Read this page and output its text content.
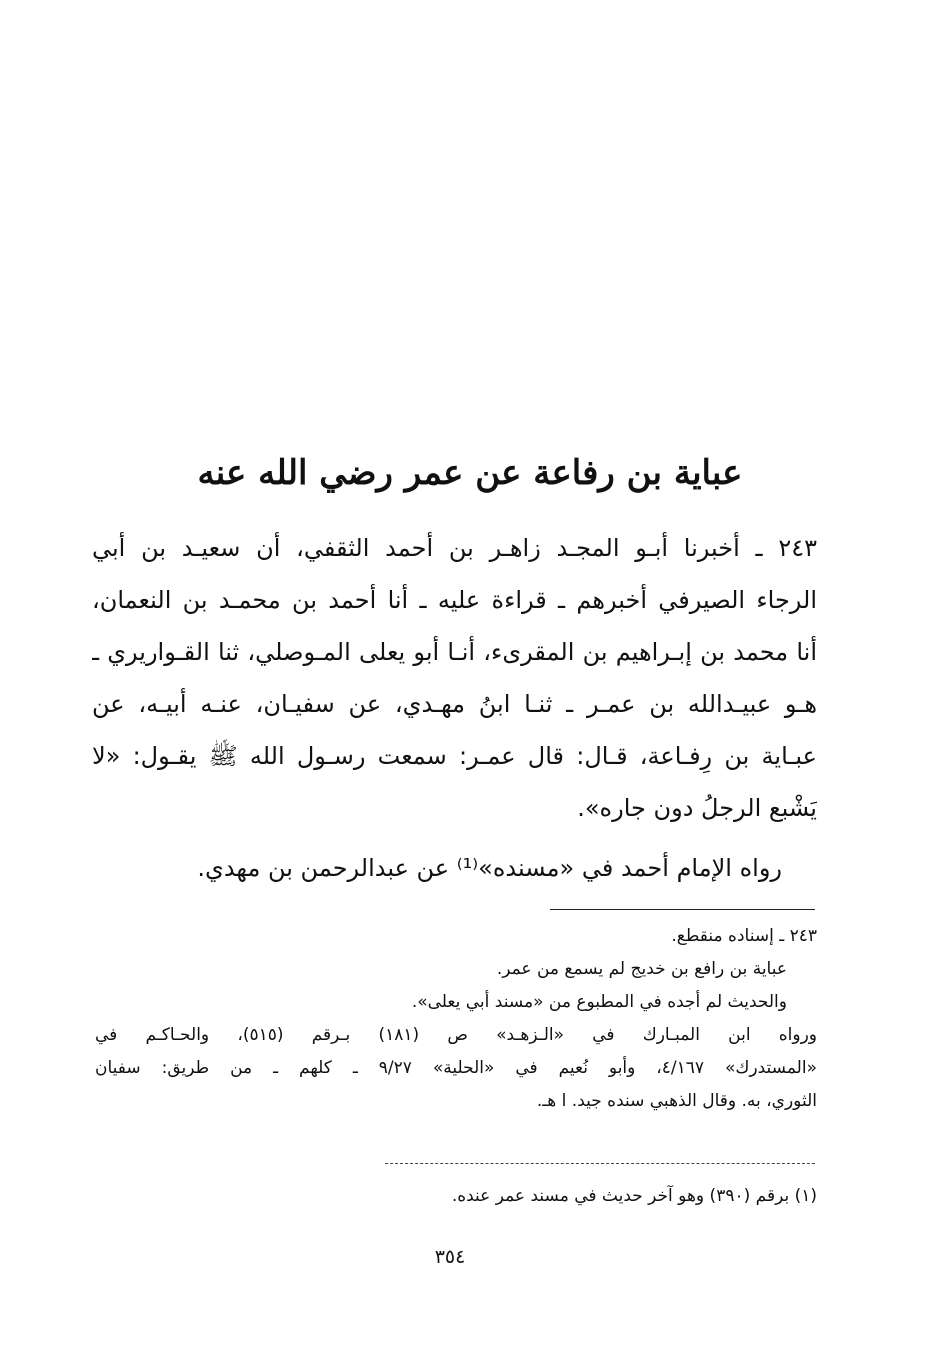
عباية بن رفاعة عن عمر رضي الله عنه
٢٤٣ ـ أخبرنا أبـو المجـد زاهـر بن أحمد الثقفي، أن سعيـد بن أبي
الرجاء الصيرفي أخبرهم ـ قراءة عليه ـ أنا أحمد بن محمـد بن النعمان،
أنا محمد بن إبـراهيم بن المقرىء، أنـا أبو يعلى المـوصلي، ثنا القـواريري ـ
هـو عبيـدالله بن عمـر ـ ثنـا ابنُ مهـدي، عن سفيـان، عنـه أبيـه، عن
عبـاية بن رِفـاعة، قـال: قال عمـر: سمعت رسـول الله ﷺ يقـول: «لا
يَشْبع الرجلُ دون جاره».
رواه الإمام أحمد في «مسنده»⁽¹⁾ عن عبدالرحمن بن مهدي.
٢٤٣ ـ إسناده منقطع.
عباية بن رافع بن خديج لم يسمع من عمر.
والحديث لم أجده في المطبوع من «مسند أبي يعلى».
ورواه ابن المبـارك في «الـزهـد» ص (١٨١) بـرقم (٥١٥)، والحـاكـم في
«المستدرك» ٤/١٦٧، وأبو نُعيم في «الحلية» ٩/٢٧ ـ كلهم ـ من طريق: سفيان
الثوري، به. وقال الذهبي سنده جيد. ا هـ.
(١) برقم (٣٩٠) وهو آخر حديث في مسند عمر عنده.
٣٥٤
